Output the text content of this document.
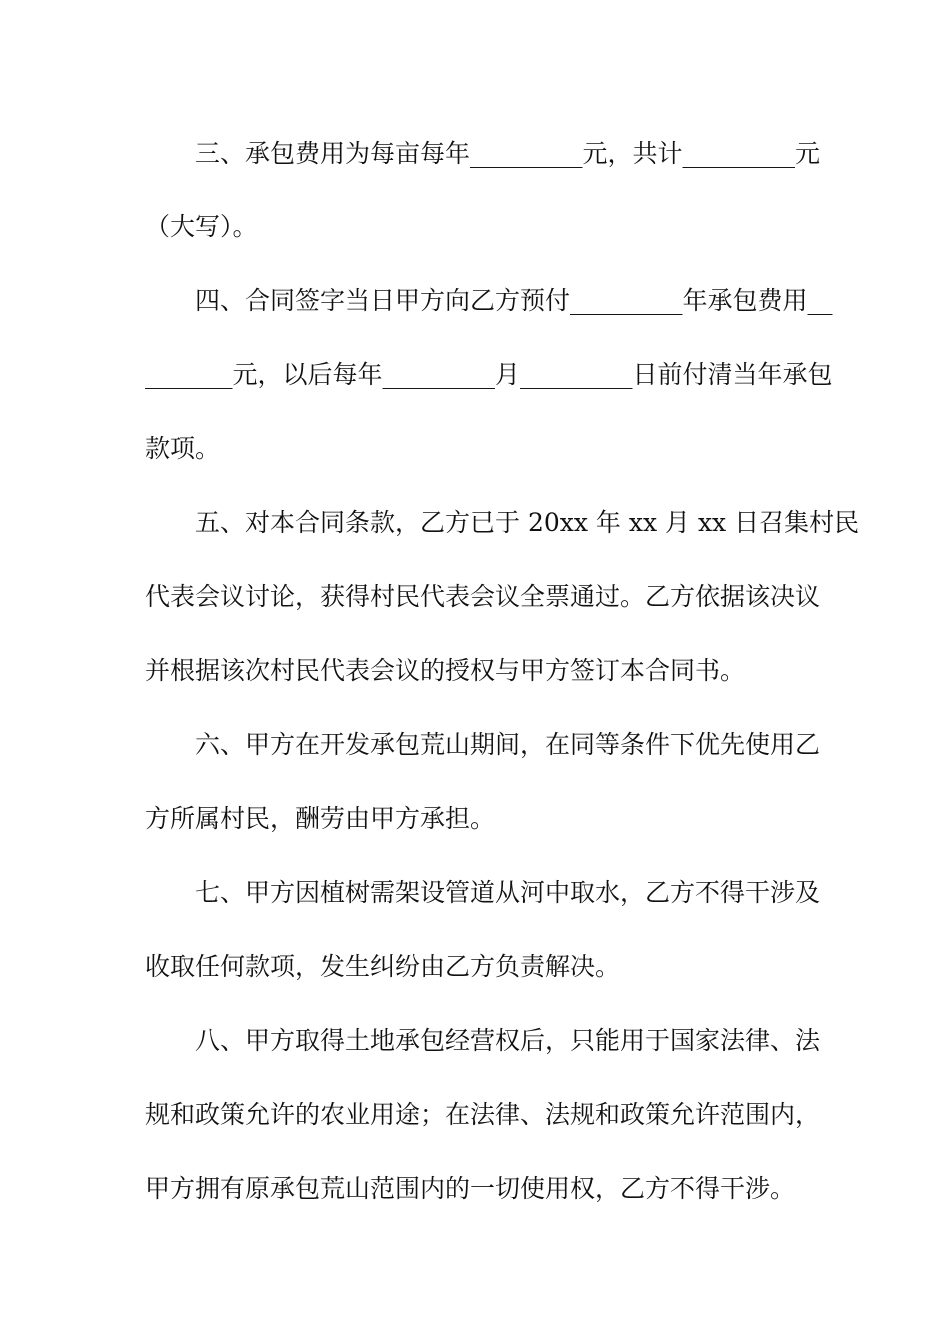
三、承包费用为每亩每年_________元，共计_________元
（大写）。
四、合同签字当日甲方向乙方预付_________年承包费用__
_______元，以后每年_________月_________日前付清当年承包
款项。
五、对本合同条款，乙方已于 20xx 年 xx 月 xx 日召集村民
代表会议讨论，获得村民代表会议全票通过。乙方依据该决议
并根据该次村民代表会议的授权与甲方签订本合同书。
六、甲方在开发承包荒山期间，在同等条件下优先使用乙
方所属村民，酬劳由甲方承担。
七、甲方因植树需架设管道从河中取水，乙方不得干涉及
收取任何款项，发生纠纷由乙方负责解决。
八、甲方取得土地承包经营权后，只能用于国家法律、法
规和政策允许的农业用途；在法律、法规和政策允许范围内，
甲方拥有原承包荒山范围内的一切使用权，乙方不得干涉。
